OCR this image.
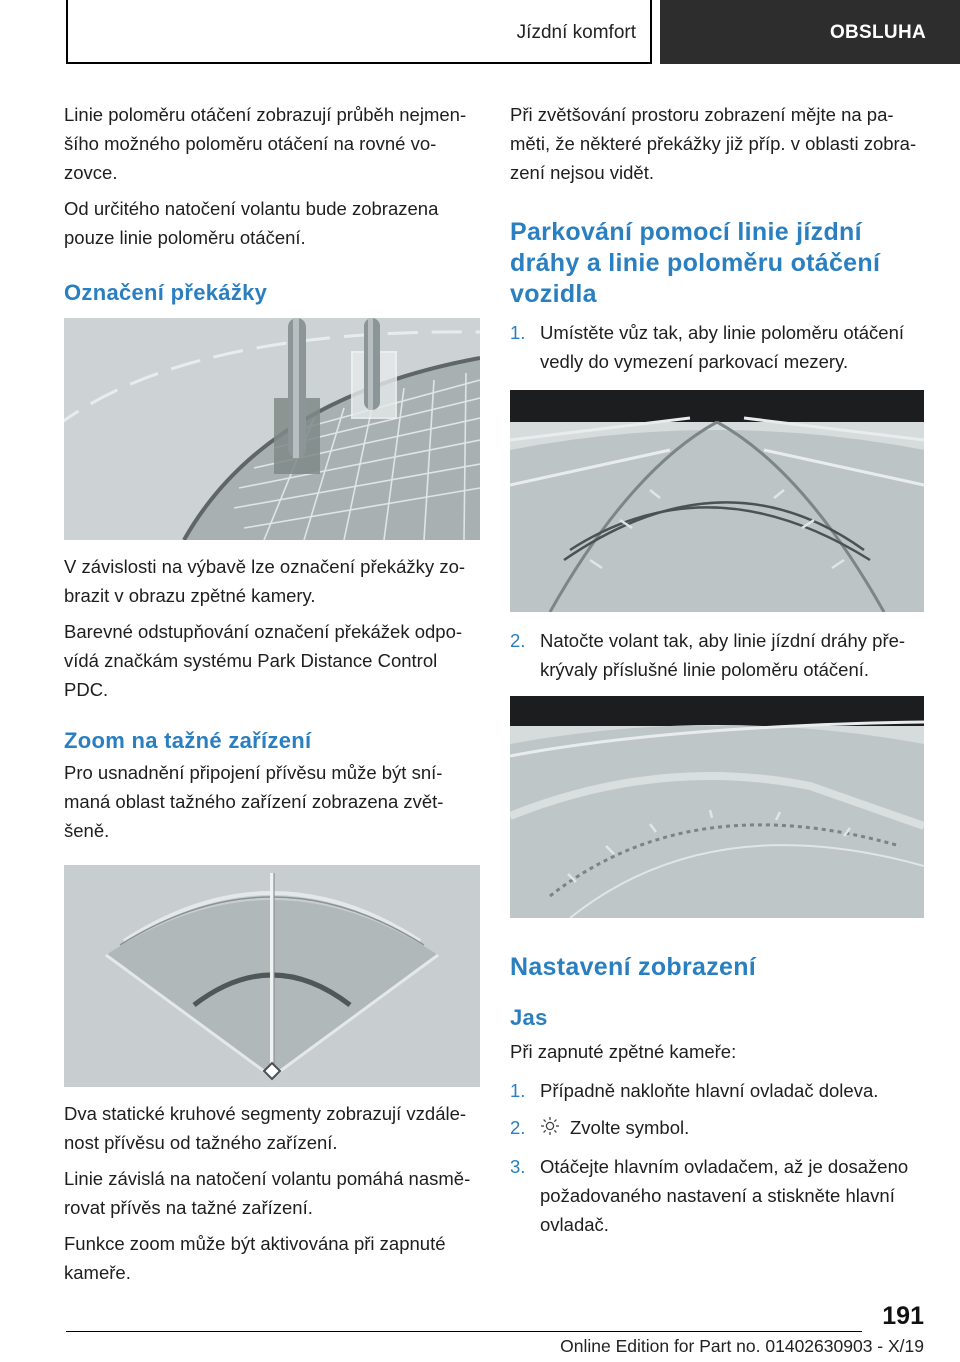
Jízdní komfort	OBSLUHA

Linie poloměru otáčení zobrazují průběh nejmen-šího možného poloměru otáčení na rovné vo-zovce.

Od určitého natočení volantu bude zobrazena pouze linie poloměru otáčení.

Označení překážky

V závislosti na výbavě lze označení překážky zo-brazit v obrazu zpětné kamery.

Barevné odstupňování označení překážek odpo-vídá značkám systému Park Distance Control PDC.

Zoom na tažné zařízení

Pro usnadnění připojení přívěsu může být sní-maná oblast tažného zařízení zobrazena zvět-šeně.

Dva statické kruhové segmenty zobrazují vzdále-nost přívěsu od tažného zařízení.

Linie závislá na natočení volantu pomáhá nasmě-rovat přívěs na tažné zařízení.

Funkce zoom může být aktivována při zapnuté kameře.

Při zvětšování prostoru zobrazení mějte na pa-měti, že některé překážky již příp. v oblasti zobra-zení nejsou vidět.

Parkování pomocí linie jízdní dráhy a linie poloměru otáčení vozidla
1. Umístěte vůz tak, aby linie poloměru otáčení vedly do vymezení parkovací mezery.
2. Natočte volant tak, aby linie jízdní dráhy pře-krývaly příslušné linie poloměru otáčení.
Nastavení zobrazení
Jas

Při zapnuté zpětné kameře:

1. Případně nakloňte hlavní ovladač doleva.
2. Zvolte symbol.
3. Otáčejte hlavním ovladačem, až je dosaženo požadovaného nastavení a stiskněte hlavní ovladač.
191
Online Edition for Part no. 01402630903 - X/19
